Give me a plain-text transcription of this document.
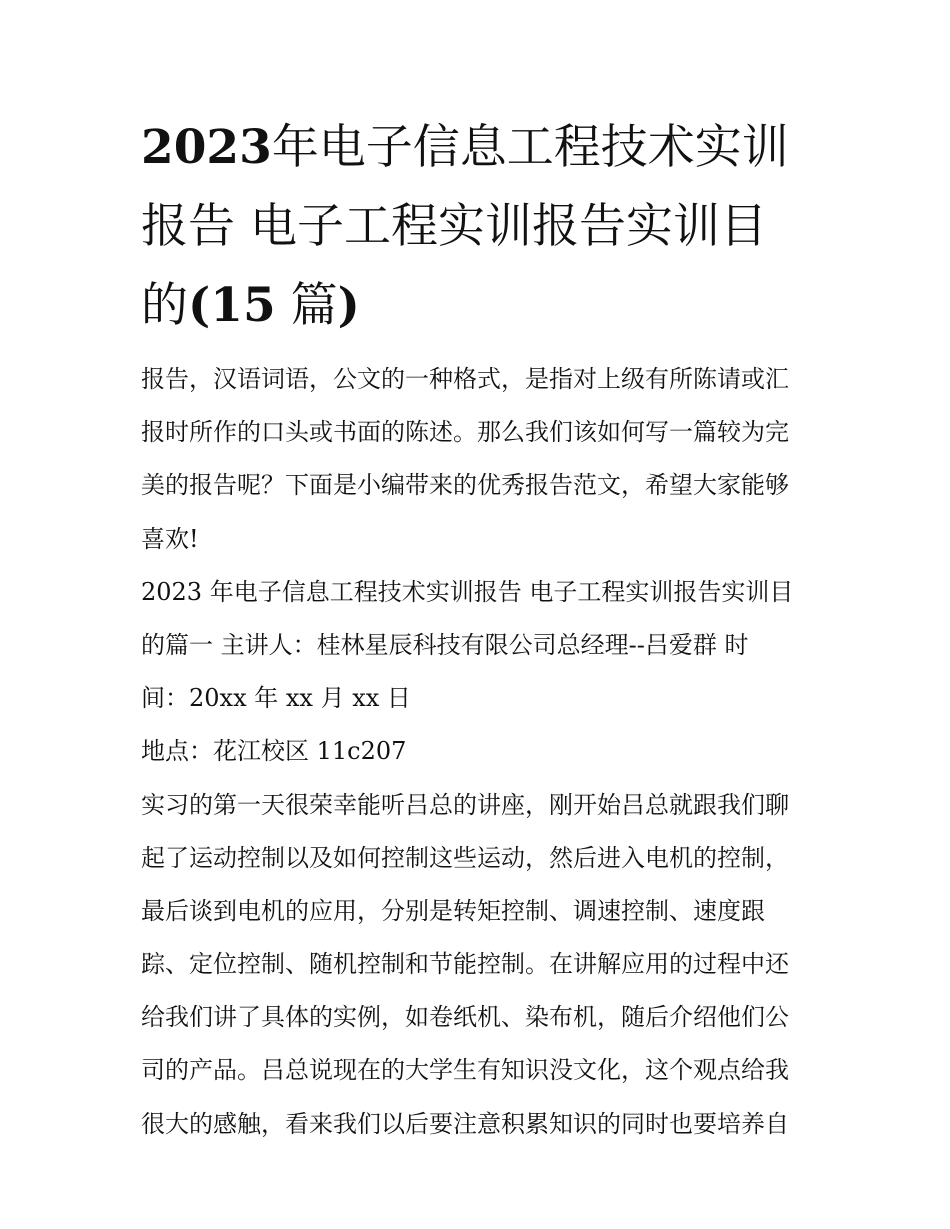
2023年电子信息工程技术实训
报告 电子工程实训报告实训目
的(15 篇)
报告，汉语词语，公文的一种格式，是指对上级有所陈请或汇
报时所作的口头或书面的陈述。那么我们该如何写一篇较为完
美的报告呢？下面是小编带来的优秀报告范文，希望大家能够
喜欢!
2023 年电子信息工程技术实训报告 电子工程实训报告实训目
的篇一 主讲人：桂林星辰科技有限公司总经理--吕爱群 时
间：20xx 年 xx 月 xx 日
地点：花江校区 11c207
实习的第一天很荣幸能听吕总的讲座，刚开始吕总就跟我们聊
起了运动控制以及如何控制这些运动，然后进入电机的控制，
最后谈到电机的应用，分别是转矩控制、调速控制、速度跟
踪、定位控制、随机控制和节能控制。在讲解应用的过程中还
给我们讲了具体的实例，如卷纸机、染布机，随后介绍他们公
司的产品。吕总说现在的大学生有知识没文化，这个观点给我
很大的感触，看来我们以后要注意积累知识的同时也要培养自
